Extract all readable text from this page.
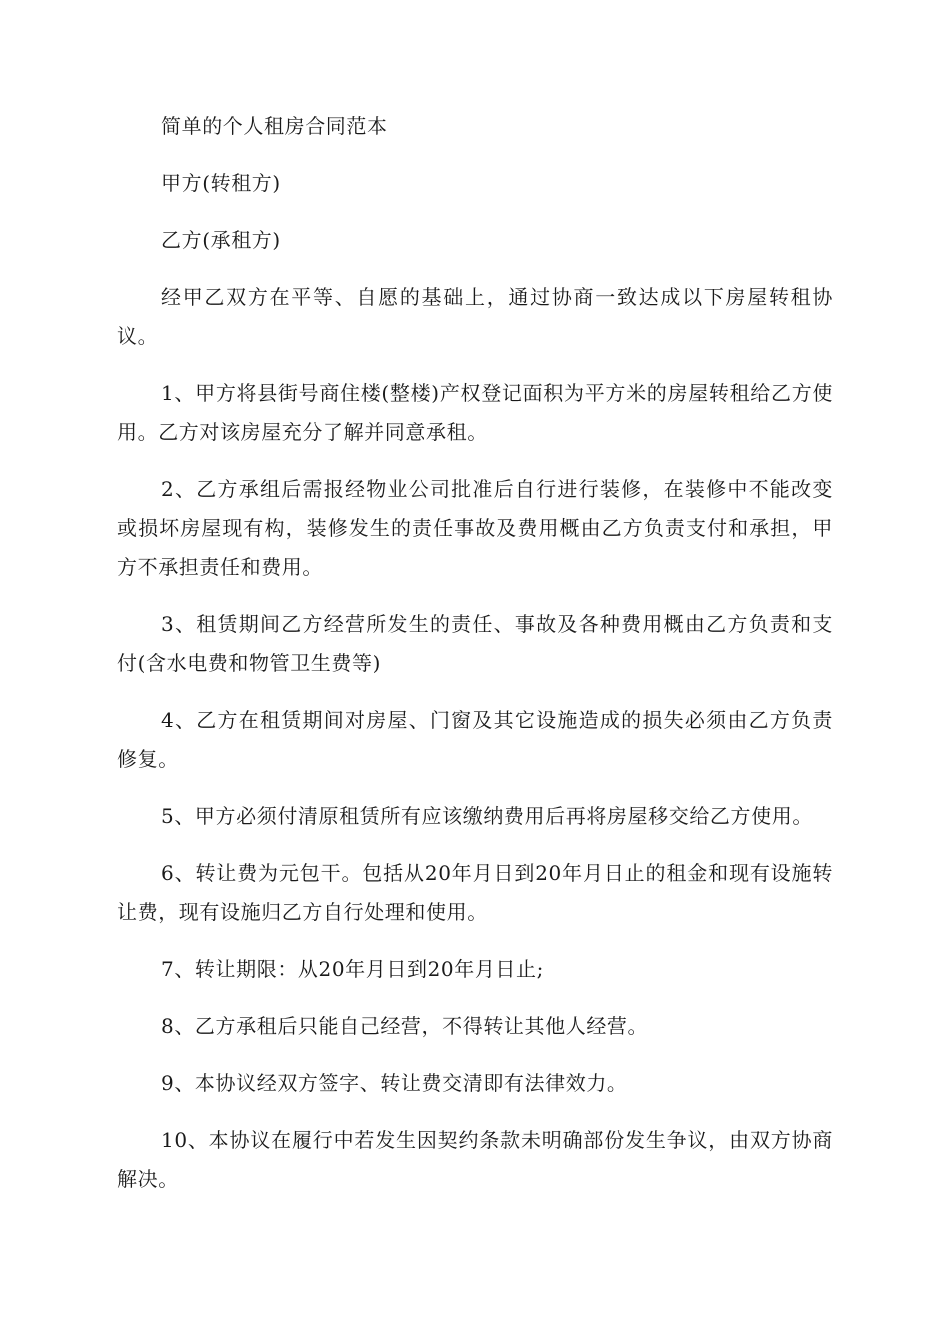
简单的个人租房合同范本

甲方(转租方)

乙方(承租方)

经甲乙双方在平等、自愿的基础上，通过协商一致达成以下房屋转租协议。

1、甲方将县街号商住楼(整楼)产权登记面积为平方米的房屋转租给乙方使用。乙方对该房屋充分了解并同意承租。

2、乙方承组后需报经物业公司批准后自行进行装修，在装修中不能改变或损坏房屋现有构，装修发生的责任事故及费用概由乙方负责支付和承担，甲方不承担责任和费用。

3、租赁期间乙方经营所发生的责任、事故及各种费用概由乙方负责和支付(含水电费和物管卫生费等)

4、乙方在租赁期间对房屋、门窗及其它设施造成的损失必须由乙方负责修复。

5、甲方必须付清原租赁所有应该缴纳费用后再将房屋移交给乙方使用。

6、转让费为元包干。包括从20年月日到20年月日止的租金和现有设施转让费，现有设施归乙方自行处理和使用。

7、转让期限：从20年月日到20年月日止;

8、乙方承租后只能自己经营，不得转让其他人经营。

9、本协议经双方签字、转让费交清即有法律效力。

10、本协议在履行中若发生因契约条款未明确部份发生争议，由双方协商解决。
